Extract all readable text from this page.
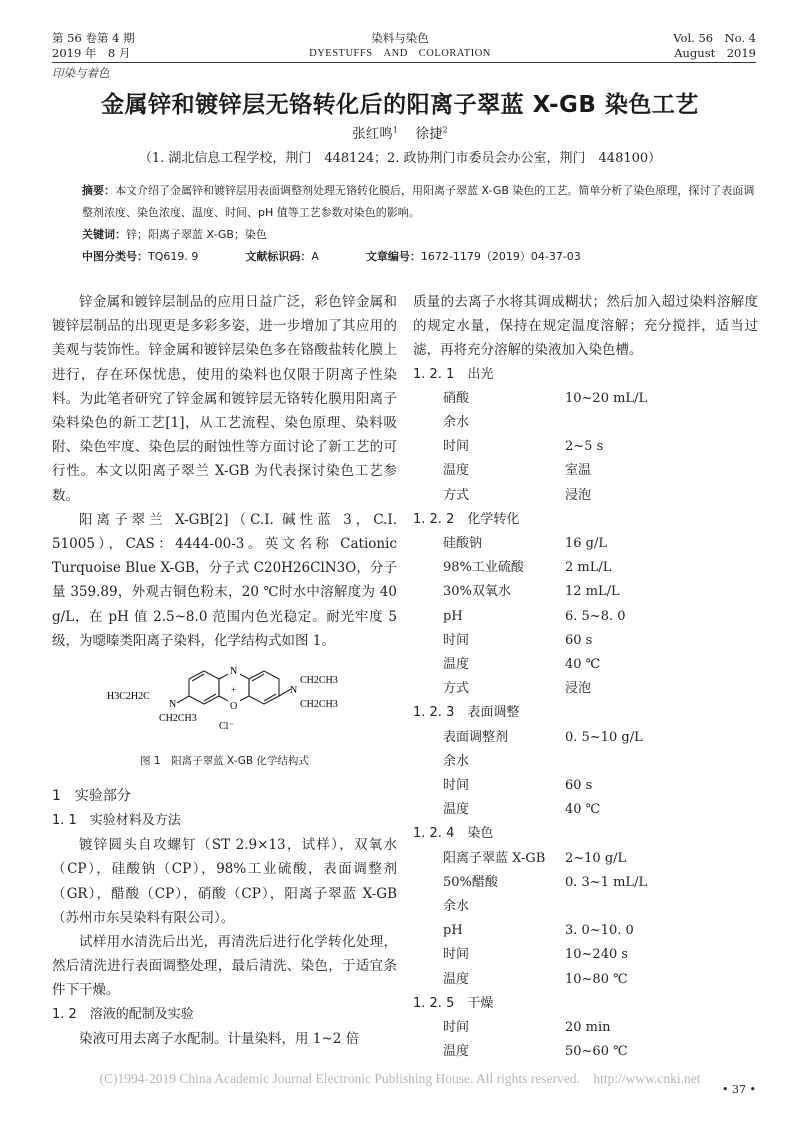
第 56 卷第 4 期
2019 年　8 月
染料与染色
DYESTUFFS　AND　COLORATION
Vol. 56　No. 4
August　2019
印染与着色
金属锌和镀锌层无铬转化后的阳离子翠蓝 X-GB 染色工艺
张红鸣$^1$ 　 徐捷$^2$
（1. 湖北信息工程学校，荆门　448124；2. 政协荆门市委员会办公室，荆门　448100）
摘要：本文介绍了金属锌和镀锌层用表面调整剂处理无铬转化膜后，用阳离子翠蓝 X-GB 染色的工艺。简单分析了染色原理，探讨了表面调整剂浓度、染色浓度、温度、时间、pH 值等工艺参数对染色的影响。
关键词：锌；阳离子翠蓝 X-GB；染色
中图分类号：TQ619. 9	文献标识码：A	文章编号：1672-1179（2019）04-37-03

锌金属和镀锌层制品的应用日益广泛，彩色锌金属和镀锌层制品的出现更是多彩多姿，进一步增加了其应用的美观与装饰性。锌金属和镀锌层染色多在铬酸盐转化膜上进行，存在环保忧患，使用的染料也仅限于阴离子性染料。为此笔者研究了锌金属和镀锌层无铬转化膜用阳离子染料染色的新工艺[1]，从工艺流程、染色原理、染料吸附、染色牢度、染色层的耐蚀性等方面讨论了新工艺的可行性。本文以阳离子翠兰 X-GB 为代表探讨染色工艺参数。

阳离子翠兰 X-GB[2]（C.I. 碱性蓝 3，C.I. 51005），CAS：4444-00-3。英文名称 Cationic Turquoise Blue X-GB，分子式 C20H26ClN3O，分子量 359.89，外观古铜色粉末，20 ℃时水中溶解度为 40 g/L，在 pH 值 2.5~8.0 范围内色光稳定。耐光牢度 5 级，为噁嗪类阳离子染料，化学结构式如图 1。

N
O
+
N
N
H3C2H2C
CH2CH3
CH2CH3
CH2CH3
Cl⁻
图 1　阳离子翠蓝 X-GB 化学结构式
1　实验部分
1. 1　实验材料及方法

镀锌圆头自攻螺钉（ST 2.9×13，试样），双氧水（CP），硅酸钠（CP），98%工业硫酸，表面调整剂（GR），醋酸（CP），硝酸（CP），阳离子翠蓝 X-GB（苏州市东吴染料有限公司）。

试样用水清洗后出光，再清洗后进行化学转化处理，然后清洗进行表面调整处理，最后清洗、染色，于适宜条件下干燥。

1. 2　溶液的配制及实验

染液可用去离子水配制。计量染料，用 1~2 倍

质量的去离子水将其调成糊状；然后加入超过染料溶解度的规定水量，保持在规定温度溶解；充分搅拌，适当过滤，再将充分溶解的染液加入染色槽。

1. 2. 1　出光
硝酸	10~20 mL/L
余水
时间	2~5 s
温度	室温
方式	浸泡
1. 2. 2　化学转化
硅酸钠	16 g/L
98%工业硫酸	2 mL/L
30%双氧水	12 mL/L
pH	6. 5~8. 0
时间	60 s
温度	40 ℃
方式	浸泡
1. 2. 3　表面调整
表面调整剂	0. 5~10 g/L
余水
时间	60 s
温度	40 ℃
1. 2. 4　染色
阳离子翠蓝 X-GB	2~10 g/L
50%醋酸	0. 3~1 mL/L
余水
pH	3. 0~10. 0
时间	10~240 s
温度	10~80 ℃
1. 2. 5　干燥
时间	20 min
温度	50~60 ℃
(C)1994-2019 China Academic Journal Electronic Publishing House. All rights reserved.　http://www.cnki.net
• 37 •
